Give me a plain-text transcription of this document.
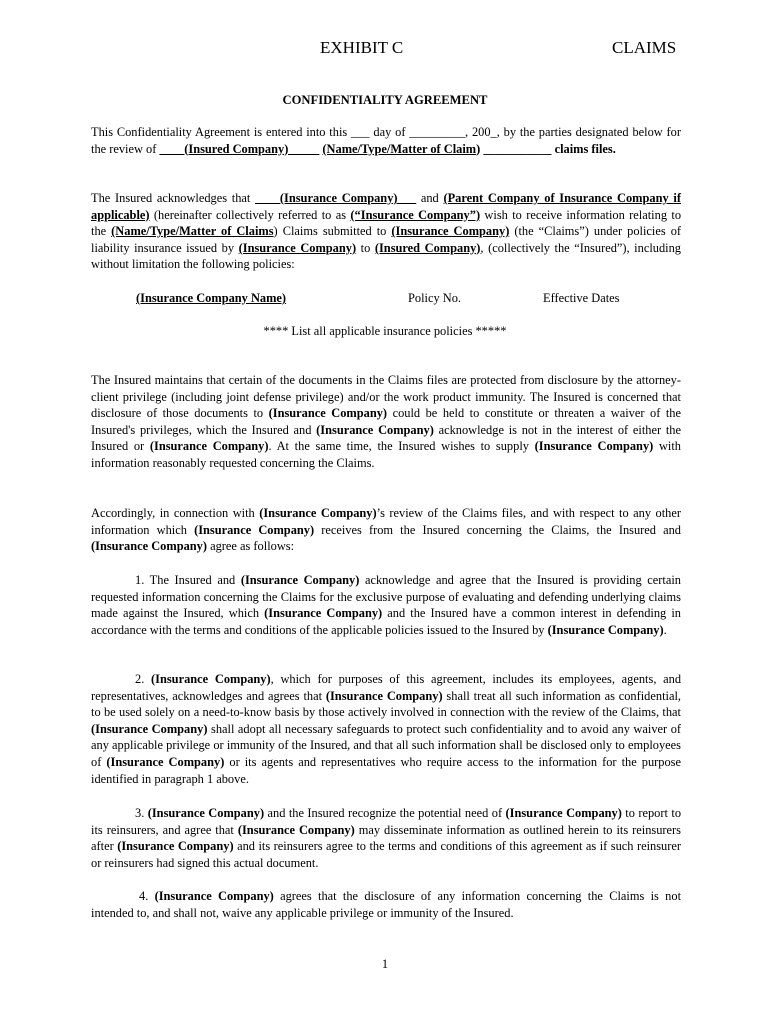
EXHIBIT C	CLAIMS
CONFIDENTIALITY AGREEMENT
This Confidentiality Agreement is entered into this ___ day of _________, 200_, by the parties designated below for the review of ____(Insured Company)_____ (Name/Type/Matter of Claim) ___________ claims files.
The Insured acknowledges that ____(Insurance Company)___ and (Parent Company of Insurance Company if applicable) (hereinafter collectively referred to as (“Insurance Company”) wish to receive information relating to the (Name/Type/Matter of Claims) Claims submitted to (Insurance Company) (the “Claims”) under policies of liability insurance issued by (Insurance Company) to (Insured Company), (collectively the “Insured”), including without limitation the following policies:
(Insurance Company Name)	Policy No.	Effective Dates
**** List all applicable insurance policies *****
The Insured maintains that certain of the documents in the Claims files are protected from disclosure by the attorney-client privilege (including joint defense privilege) and/or the work product immunity. The Insured is concerned that disclosure of those documents to (Insurance Company) could be held to constitute or threaten a waiver of the Insured's privileges, which the Insured and (Insurance Company) acknowledge is not in the interest of either the Insured or (Insurance Company). At the same time, the Insured wishes to supply (Insurance Company) with information reasonably requested concerning the Claims.
Accordingly, in connection with (Insurance Company)’s review of the Claims files, and with respect to any other information which (Insurance Company) receives from the Insured concerning the Claims, the Insured and (Insurance Company) agree as follows:
1. The Insured and (Insurance Company) acknowledge and agree that the Insured is providing certain requested information concerning the Claims for the exclusive purpose of evaluating and defending underlying claims made against the Insured, which (Insurance Company) and the Insured have a common interest in defending in accordance with the terms and conditions of the applicable policies issued to the Insured by (Insurance Company).
2. (Insurance Company), which for purposes of this agreement, includes its employees, agents, and representatives, acknowledges and agrees that (Insurance Company) shall treat all such information as confidential, to be used solely on a need-to-know basis by those actively involved in connection with the review of the Claims, that (Insurance Company) shall adopt all necessary safeguards to protect such confidentiality and to avoid any waiver of any applicable privilege or immunity of the Insured, and that all such information shall be disclosed only to employees of (Insurance Company) or its agents and representatives who require access to the information for the purpose identified in paragraph 1 above.
3. (Insurance Company) and the Insured recognize the potential need of (Insurance Company) to report to its reinsurers, and agree that (Insurance Company) may disseminate information as outlined herein to its reinsurers after (Insurance Company) and its reinsurers agree to the terms and conditions of this agreement as if such reinsurer or reinsurers had signed this actual document.
4. (Insurance Company) agrees that the disclosure of any information concerning the Claims is not intended to, and shall not, waive any applicable privilege or immunity of the Insured.
1
